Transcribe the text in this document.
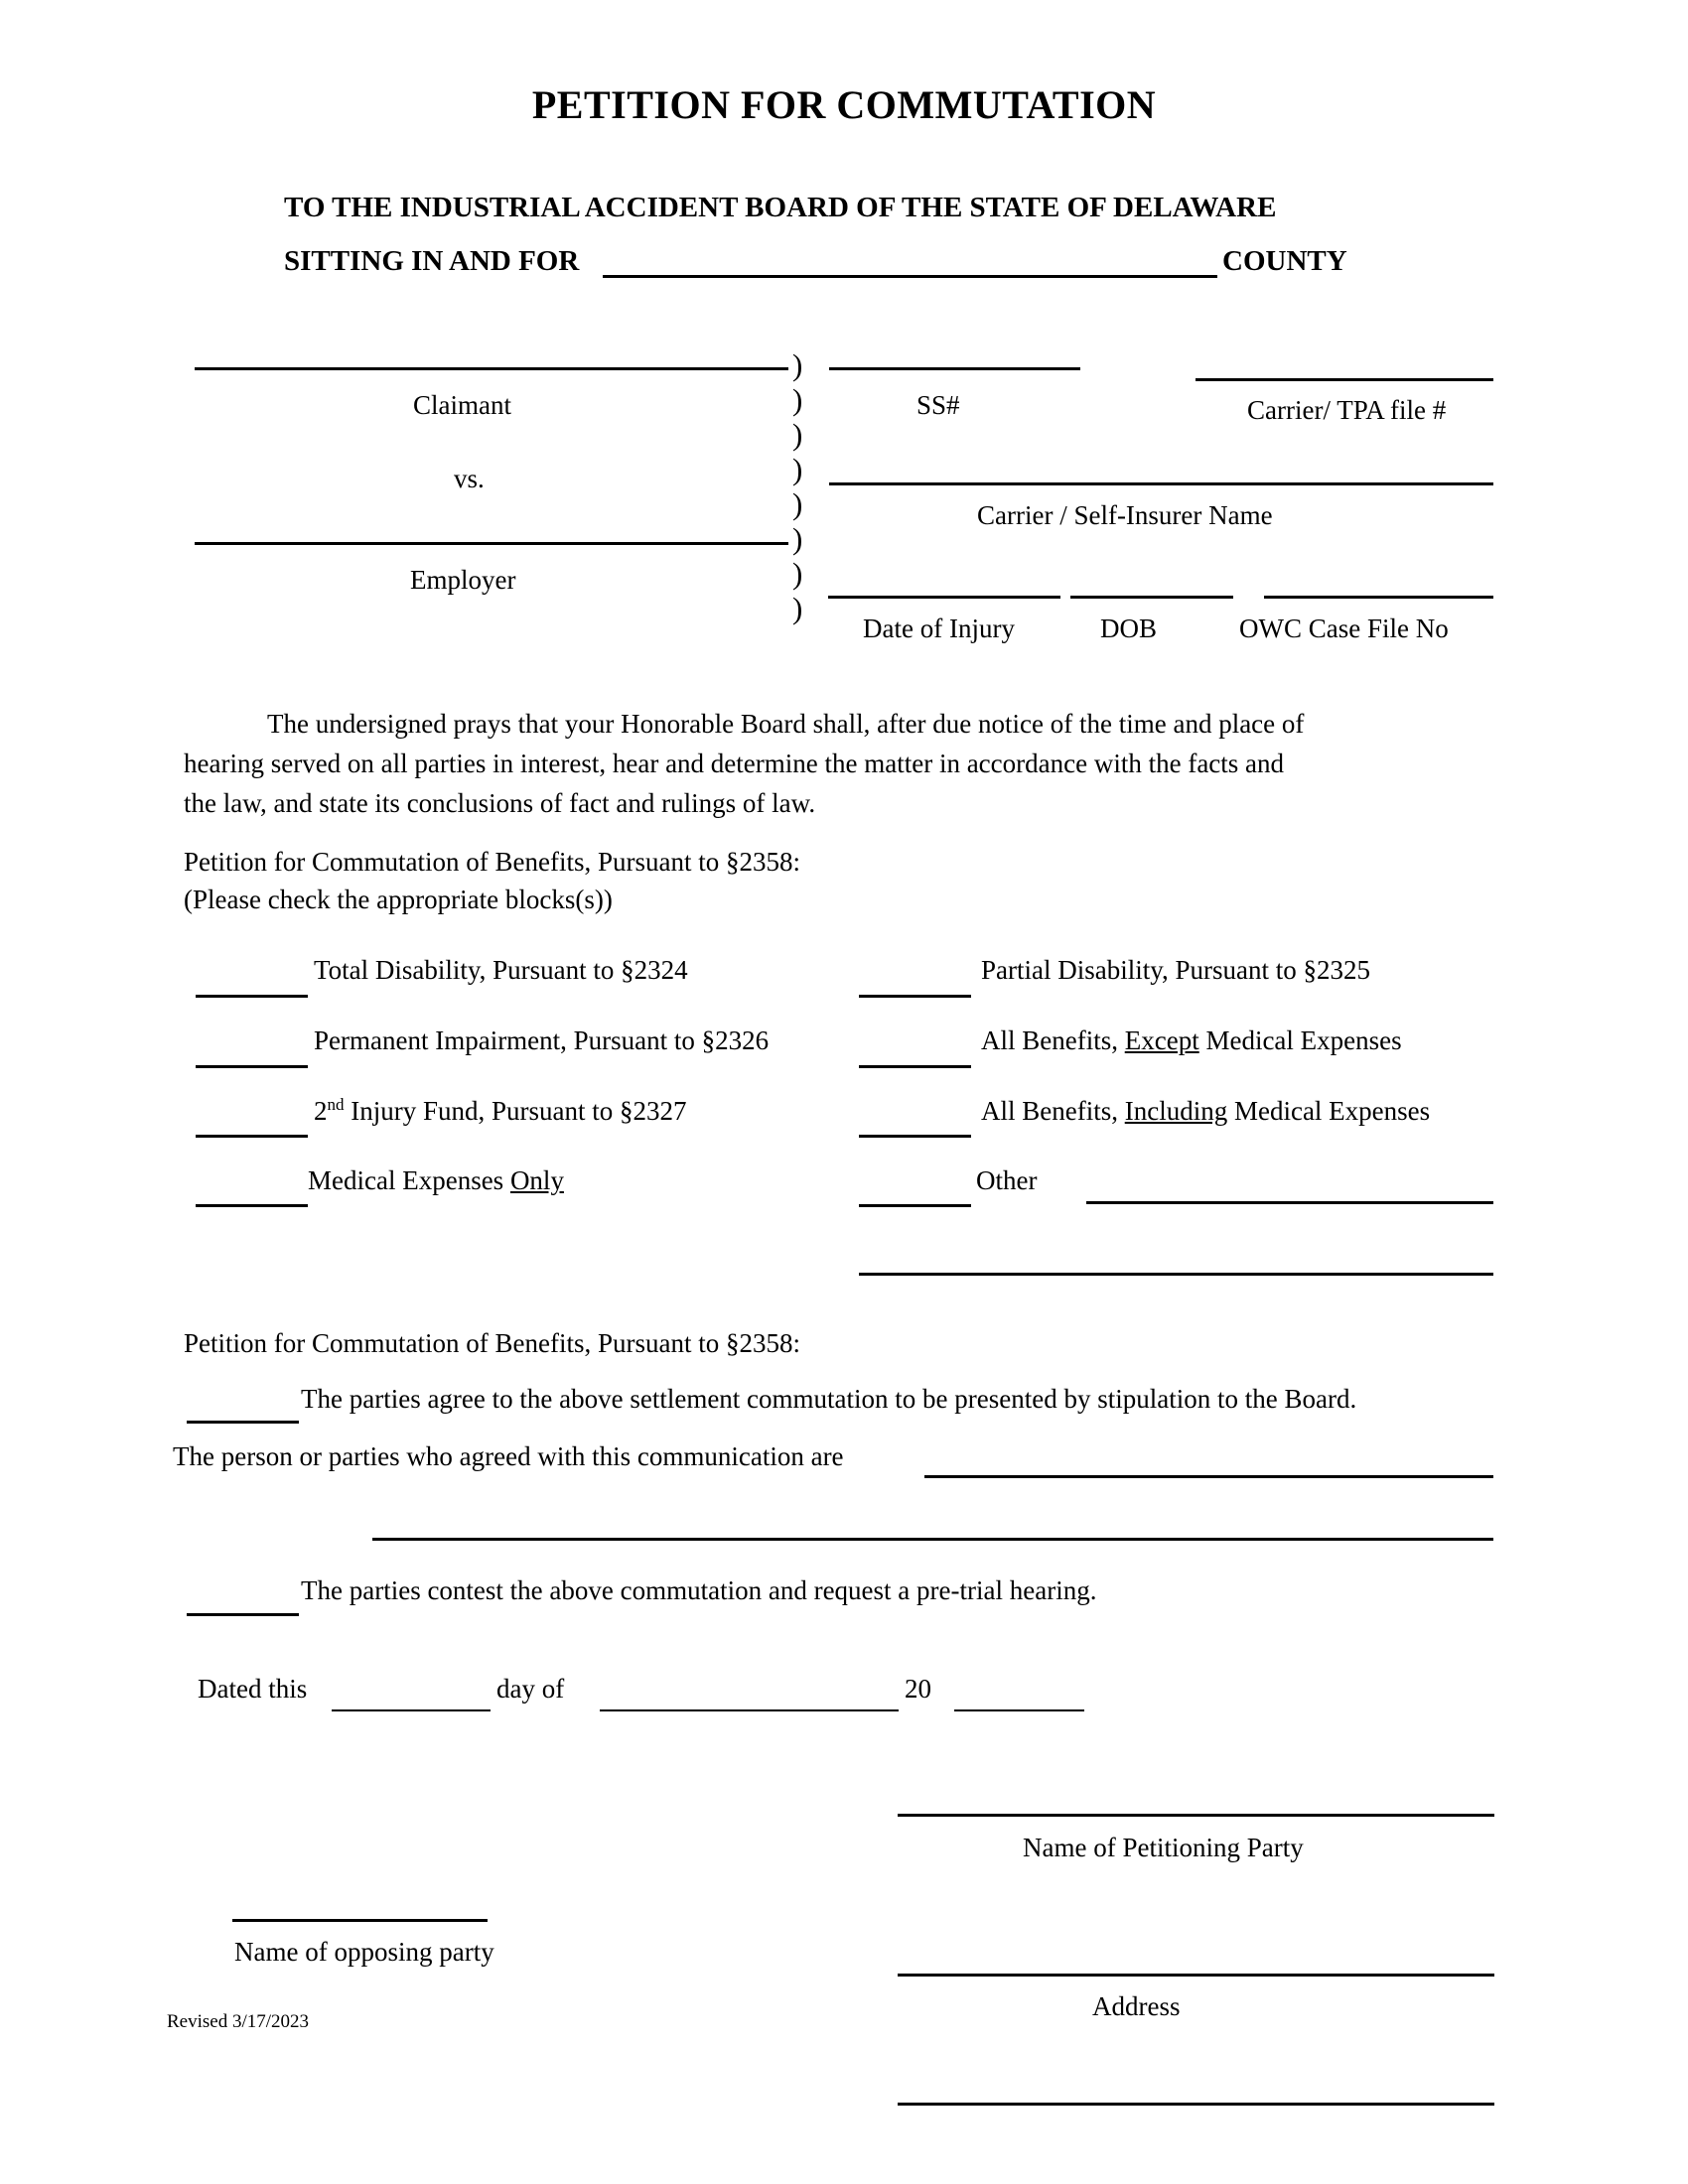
PETITION FOR COMMUTATION
TO THE INDUSTRIAL ACCIDENT BOARD OF THE STATE OF DELAWARE
SITTING IN AND FOR	COUNTY
Claimant
vs.
Employer
)
)
)
)
)
)
)
)
SS#	Carrier/ TPA file #
Carrier / Self-Insurer Name
Date of Injury	DOB	OWC Case File No
The undersigned prays that your Honorable Board shall, after due notice of the time and place of
hearing served on all parties in interest, hear and determine the matter in accordance with the facts and
the law, and state its conclusions of fact and rulings of law.
Petition for Commutation of Benefits, Pursuant to §2358:
(Please check the appropriate blocks(s))
Total Disability, Pursuant to §2324	Partial Disability, Pursuant to §2325
Permanent Impairment, Pursuant to §2326	All Benefits, Except Medical Expenses
2nd Injury Fund, Pursuant to §2327	All Benefits, Including Medical Expenses
Medical Expenses Only	Other
Petition for Commutation of Benefits, Pursuant to §2358:
The parties agree to the above settlement commutation to be presented by stipulation to the Board.
The person or parties who agreed with this communication are
The parties contest the above commutation and request a pre-trial hearing.
Dated this	day of	20
Name of Petitioning Party
Name of opposing party
Address
Revised 3/17/2023
